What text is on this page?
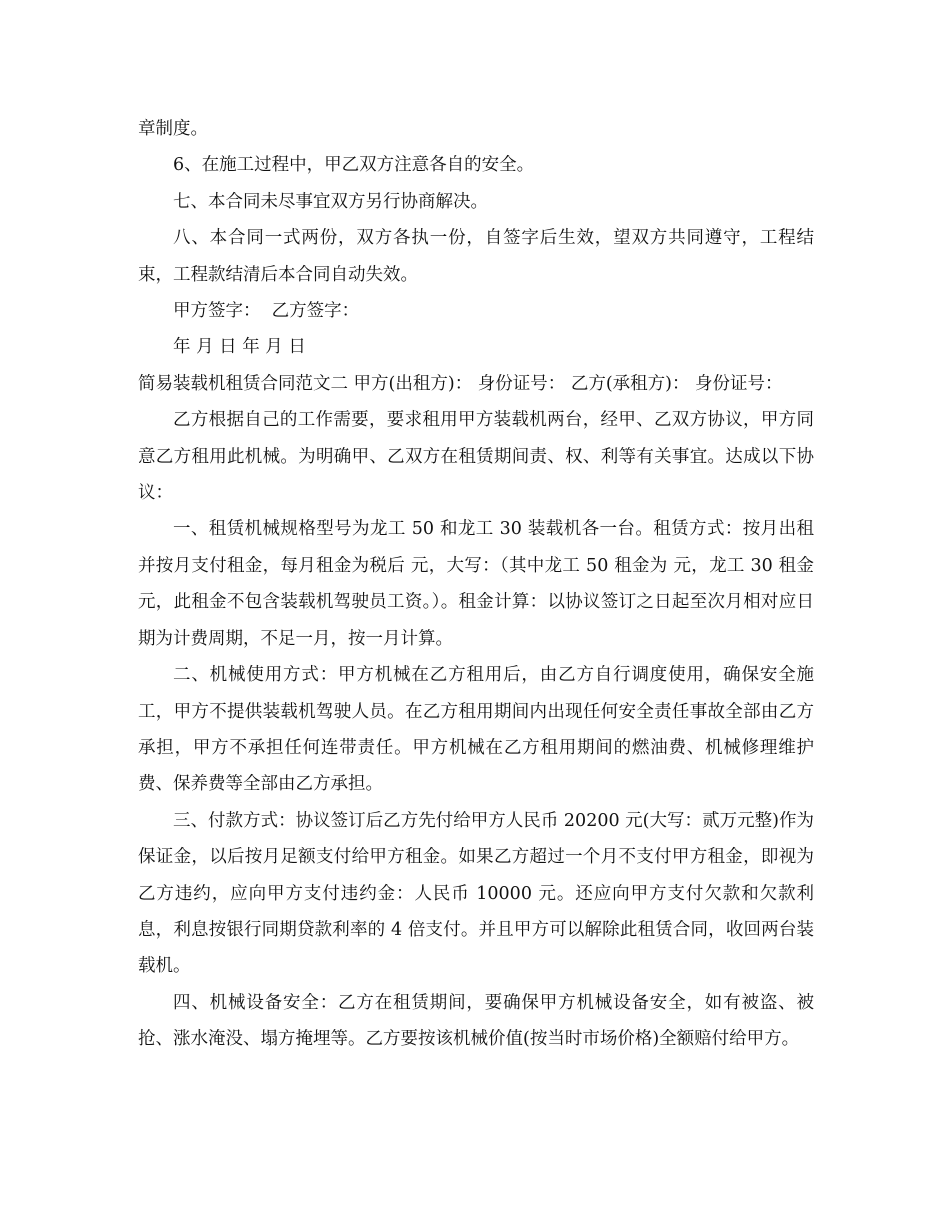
章制度。

6、在施工过程中，甲乙双方注意各自的安全。

七、本合同未尽事宜双方另行协商解决。

八、本合同一式两份，双方各执一份，自签字后生效，望双方共同遵守，工程结束，工程款结清后本合同自动失效。

甲方签字：  乙方签字：

年 月 日 年 月 日

简易装载机租赁合同范文二 甲方(出租方)： 身份证号： 乙方(承租方)： 身份证号：

乙方根据自己的工作需要，要求租用甲方装载机两台，经甲、乙双方协议，甲方同意乙方租用此机械。为明确甲、乙双方在租赁期间责、权、利等有关事宜。达成以下协议：

一、租赁机械规格型号为龙工 50 和龙工 30 装载机各一台。租赁方式：按月出租并按月支付租金，每月租金为税后 元，大写：（其中龙工 50 租金为 元，龙工 30 租金 元，此租金不包含装载机驾驶员工资。）。租金计算：以协议签订之日起至次月相对应日期为计费周期，不足一月，按一月计算。

二、机械使用方式：甲方机械在乙方租用后，由乙方自行调度使用，确保安全施工，甲方不提供装载机驾驶人员。在乙方租用期间内出现任何安全责任事故全部由乙方承担，甲方不承担任何连带责任。甲方机械在乙方租用期间的燃油费、机械修理维护费、保养费等全部由乙方承担。

三、付款方式：协议签订后乙方先付给甲方人民币 20200 元(大写：贰万元整)作为保证金，以后按月足额支付给甲方租金。如果乙方超过一个月不支付甲方租金，即视为乙方违约，应向甲方支付违约金：人民币 10000 元。还应向甲方支付欠款和欠款利息，利息按银行同期贷款利率的 4 倍支付。并且甲方可以解除此租赁合同，收回两台装载机。

四、机械设备安全：乙方在租赁期间，要确保甲方机械设备安全，如有被盗、被抢、涨水淹没、塌方掩埋等。乙方要按该机械价值(按当时市场价格)全额赔付给甲方。
